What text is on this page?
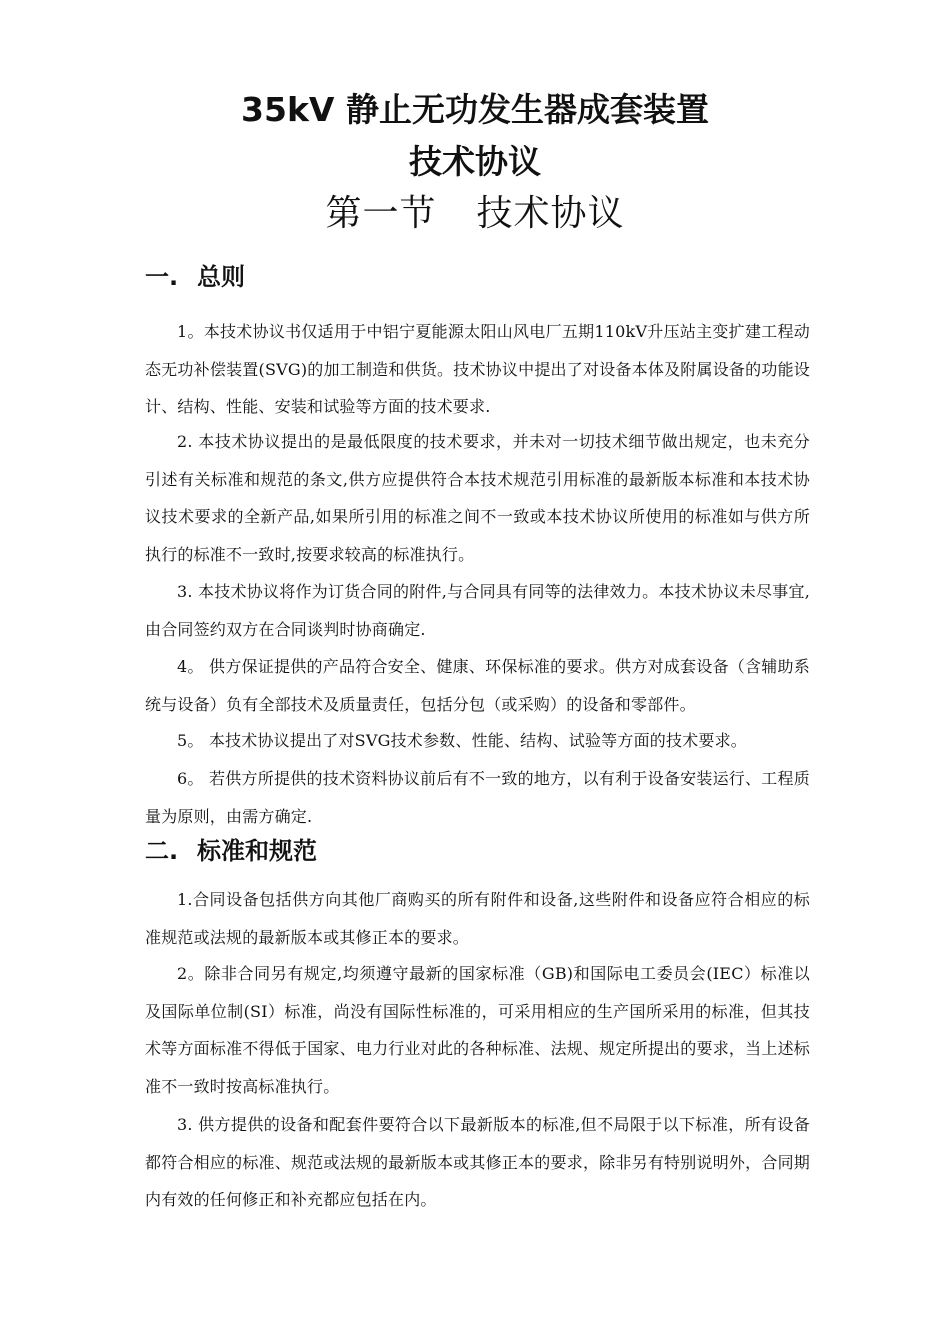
35kV 静止无功发生器成套装置
技术协议
第一节 技术协议
一. 总则

1。本技术协议书仅适用于中铝宁夏能源太阳山风电厂五期110kV升压站主变扩建工程动态无功补偿装置(SVG)的加工制造和供货。技术协议中提出了对设备本体及附属设备的功能设计、结构、性能、安装和试验等方面的技术要求.

2. 本技术协议提出的是最低限度的技术要求，并未对一切技术细节做出规定，也未充分引述有关标准和规范的条文,供方应提供符合本技术规范引用标准的最新版本标准和本技术协议技术要求的全新产品,如果所引用的标准之间不一致或本技术协议所使用的标准如与供方所执行的标准不一致时,按要求较高的标准执行。

3. 本技术协议将作为订货合同的附件,与合同具有同等的法律效力。本技术协议未尽事宜,由合同签约双方在合同谈判时协商确定.

4。 供方保证提供的产品符合安全、健康、环保标准的要求。供方对成套设备（含辅助系统与设备）负有全部技术及质量责任，包括分包（或采购）的设备和零部件。

5。 本技术协议提出了对SVG技术参数、性能、结构、试验等方面的技术要求。

6。 若供方所提供的技术资料协议前后有不一致的地方，以有利于设备安装运行、工程质量为原则，由需方确定.

二. 标准和规范

1.合同设备包括供方向其他厂商购买的所有附件和设备,这些附件和设备应符合相应的标准规范或法规的最新版本或其修正本的要求。

2。除非合同另有规定,均须遵守最新的国家标准（GB)和国际电工委员会(IEC）标准以及国际单位制(SI）标准，尚没有国际性标准的，可采用相应的生产国所采用的标准，但其技术等方面标准不得低于国家、电力行业对此的各种标准、法规、规定所提出的要求，当上述标准不一致时按高标准执行。

3. 供方提供的设备和配套件要符合以下最新版本的标准,但不局限于以下标准，所有设备都符合相应的标准、规范或法规的最新版本或其修正本的要求，除非另有特别说明外，合同期内有效的任何修正和补充都应包括在内。
